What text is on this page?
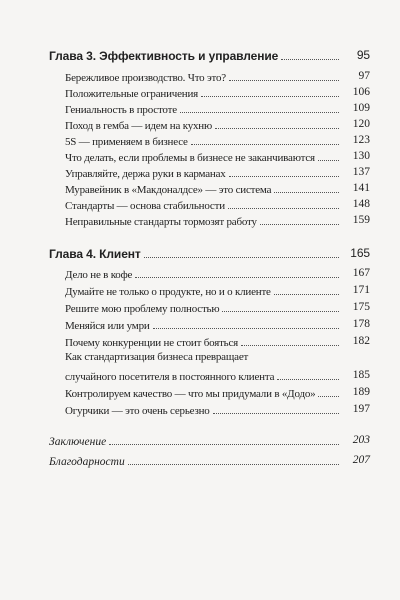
Глава 3. Эффективность и управление	95
Бережливое производство. Что это?	97
Положительные ограничения	106
Гениальность в простоте	109
Поход в гемба — идем на кухню	120
5S — применяем в бизнесе	123
Что делать, если проблемы в бизнесе не заканчиваются	130
Управляйте, держа руки в карманах	137
Муравейник в «Макдоналдсе» — это система	141
Стандарты — основа стабильности	148
Неправильные стандарты тормозят работу	159
Глава 4. Клиент	165
Дело не в кофе	167
Думайте не только о продукте, но и о клиенте	171
Решите мою проблему полностью	175
Меняйся или умри	178
Почему конкуренции не стоит бояться	182
Как стандартизация бизнеса превращает
случайного посетителя в постоянного клиента	185
Контролируем качество — что мы придумали в «Додо»	189
Огурчики — это очень серьезно	197
Заключение	203
Благодарности	207
